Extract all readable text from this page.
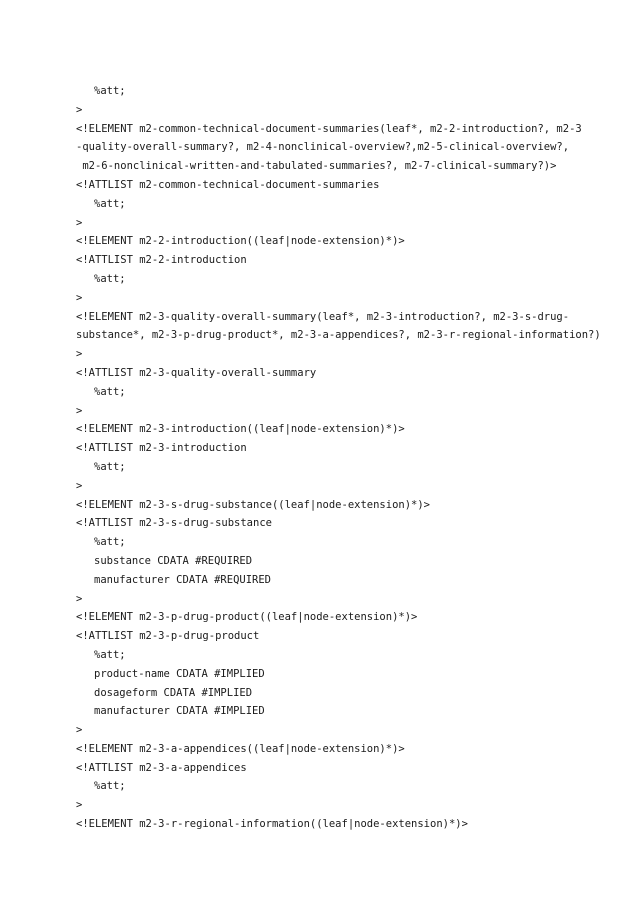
%att;
>
<!ELEMENT m2-common-technical-document-summaries(leaf*, m2-2-introduction?, m2-3
-quality-overall-summary?, m2-4-nonclinical-overview?,m2-5-clinical-overview?,
m2-6-nonclinical-written-and-tabulated-summaries?, m2-7-clinical-summary?)>
<!ATTLIST m2-common-technical-document-summaries
%att;
>
<!ELEMENT m2-2-introduction((leaf|node-extension)*)>
<!ATTLIST m2-2-introduction
%att;
>
<!ELEMENT m2-3-quality-overall-summary(leaf*, m2-3-introduction?, m2-3-s-drug-
substance*, m2-3-p-drug-product*, m2-3-a-appendices?, m2-3-r-regional-information?)
>
<!ATTLIST m2-3-quality-overall-summary
%att;
>
<!ELEMENT m2-3-introduction((leaf|node-extension)*)>
<!ATTLIST m2-3-introduction
%att;
>
<!ELEMENT m2-3-s-drug-substance((leaf|node-extension)*)>
<!ATTLIST m2-3-s-drug-substance
%att;
substance CDATA #REQUIRED
manufacturer CDATA #REQUIRED
>
<!ELEMENT m2-3-p-drug-product((leaf|node-extension)*)>
<!ATTLIST m2-3-p-drug-product
%att;
product-name CDATA #IMPLIED
dosageform CDATA #IMPLIED
manufacturer CDATA #IMPLIED
>
<!ELEMENT m2-3-a-appendices((leaf|node-extension)*)>
<!ATTLIST m2-3-a-appendices
%att;
>
<!ELEMENT m2-3-r-regional-information((leaf|node-extension)*)>
